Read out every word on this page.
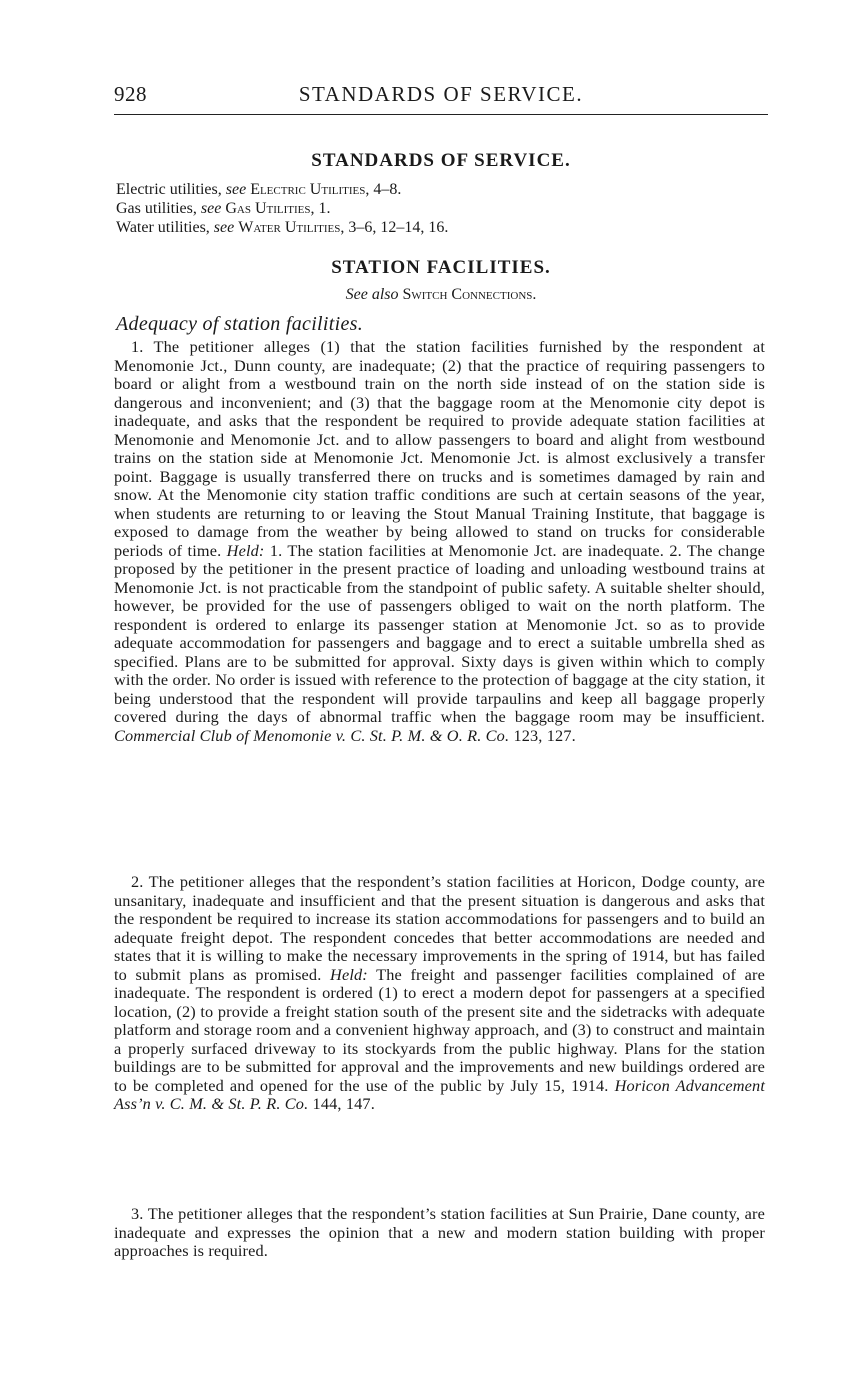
928	STANDARDS OF SERVICE.
STANDARDS OF SERVICE.
Electric utilities, see Electric Utilities, 4–8.
Gas utilities, see Gas Utilities, 1.
Water utilities, see Water Utilities, 3–6, 12–14, 16.
STATION FACILITIES.
See also Switch Connections.
Adequacy of station facilities.

1. The petitioner alleges (1) that the station facilities furnished by the respondent at Menomonie Jct., Dunn county, are inadequate; (2) that the practice of requiring passengers to board or alight from a westbound train on the north side instead of on the station side is dangerous and inconvenient; and (3) that the baggage room at the Menomonie city depot is inadequate, and asks that the respondent be required to provide adequate station facilities at Menomonie and Menomonie Jct. and to allow passengers to board and alight from westbound trains on the station side at Menomonie Jct. Menomonie Jct. is almost exclusively a transfer point. Baggage is usually transferred there on trucks and is sometimes damaged by rain and snow. At the Menomonie city station traffic conditions are such at certain seasons of the year, when students are returning to or leaving the Stout Manual Training Institute, that baggage is exposed to damage from the weather by being allowed to stand on trucks for considerable periods of time. Held: 1. The station facilities at Menomonie Jct. are inadequate. 2. The change proposed by the petitioner in the present practice of loading and unloading westbound trains at Menomonie Jct. is not practicable from the standpoint of public safety. A suitable shelter should, however, be provided for the use of passengers obliged to wait on the north platform. The respondent is ordered to enlarge its passenger station at Menomonie Jct. so as to provide adequate accommodation for passengers and baggage and to erect a suitable umbrella shed as specified. Plans are to be submitted for approval. Sixty days is given within which to comply with the order. No order is issued with reference to the protection of baggage at the city station, it being understood that the respondent will provide tarpaulins and keep all baggage properly covered during the days of abnormal traffic when the baggage room may be insufficient. Commercial Club of Menomonie v. C. St. P. M. & O. R. Co. 123, 127.

2. The petitioner alleges that the respondent’s station facilities at Horicon, Dodge county, are unsanitary, inadequate and insufficient and that the present situation is dangerous and asks that the respondent be required to increase its station accommodations for passengers and to build an adequate freight depot. The respondent concedes that better accommodations are needed and states that it is willing to make the necessary improvements in the spring of 1914, but has failed to submit plans as promised. Held: The freight and passenger facilities complained of are inadequate. The respondent is ordered (1) to erect a modern depot for passengers at a specified location, (2) to provide a freight station south of the present site and the sidetracks with adequate platform and storage room and a convenient highway approach, and (3) to construct and maintain a properly surfaced driveway to its stockyards from the public highway. Plans for the station buildings are to be submitted for approval and the improvements and new buildings ordered are to be completed and opened for the use of the public by July 15, 1914. Horicon Advancement Ass’n v. C. M. & St. P. R. Co. 144, 147.

3. The petitioner alleges that the respondent’s station facilities at Sun Prairie, Dane county, are inadequate and expresses the opinion that a new and modern station building with proper approaches is required.
